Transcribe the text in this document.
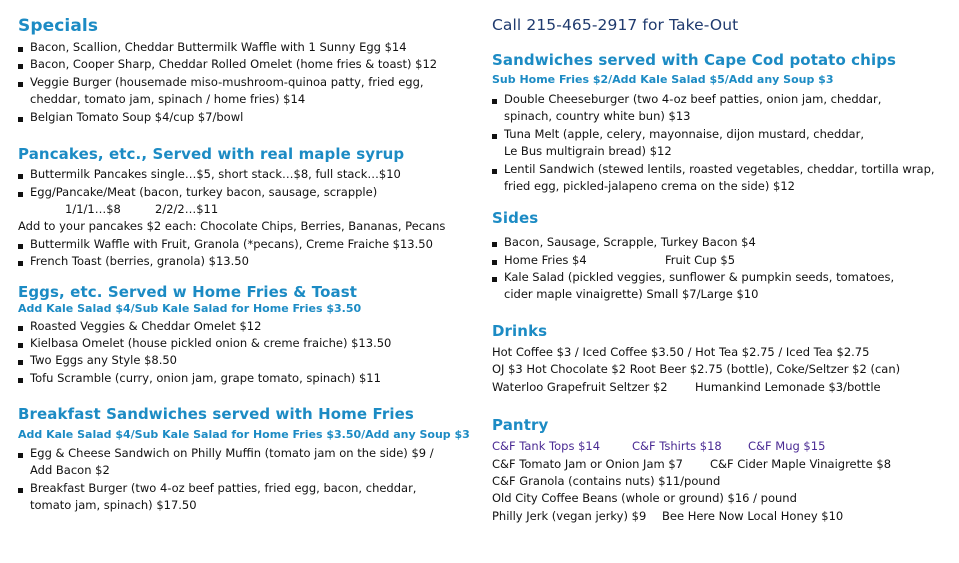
Specials
Bacon, Scallion, Cheddar Buttermilk Waffle with 1 Sunny Egg $14
Bacon, Cooper Sharp, Cheddar Rolled Omelet (home fries & toast) $12
Veggie Burger (housemade miso-mushroom-quinoa patty, fried egg,
cheddar, tomato jam, spinach / home fries) $14
Belgian Tomato Soup $4/cup $7/bowl
Pancakes, etc., Served with real maple syrup
Buttermilk Pancakes single…$5, short stack…$8, full stack…$10
Egg/Pancake/Meat (bacon, turkey bacon, sausage, scrapple)
1/1/1…$8	2/2/2…$11
Add to your pancakes $2 each: Chocolate Chips, Berries, Bananas, Pecans
Buttermilk Waffle with Fruit, Granola (*pecans), Creme Fraiche $13.50
French Toast (berries, granola) $13.50
Eggs, etc. Served w Home Fries & Toast
Add Kale Salad $4/Sub Kale Salad for Home Fries $3.50
Roasted Veggies & Cheddar Omelet $12
Kielbasa Omelet (house pickled onion & creme fraiche) $13.50
Two Eggs any Style $8.50
Tofu Scramble (curry, onion jam, grape tomato, spinach) $11
Breakfast Sandwiches served with Home Fries
Add Kale Salad $4/Sub Kale Salad for Home Fries $3.50/Add any Soup $3
Egg & Cheese Sandwich on Philly Muffin (tomato jam on the side) $9 /
Add Bacon $2
Breakfast Burger (two 4-oz beef patties, fried egg, bacon, cheddar,
tomato jam, spinach) $17.50
Call 215-465-2917 for Take-Out
Sandwiches served with Cape Cod potato chips
Sub Home Fries $2/Add Kale Salad $5/Add any Soup $3
Double Cheeseburger (two 4-oz beef patties, onion jam, cheddar,
spinach, country white bun) $13
Tuna Melt (apple, celery, mayonnaise, dijon mustard, cheddar,
Le Bus multigrain bread) $12
Lentil Sandwich (stewed lentils, roasted vegetables, cheddar, tortilla wrap,
fried egg, pickled-jalapeno crema on the side) $12
Sides
Bacon, Sausage, Scrapple, Turkey Bacon $4
Home Fries $4	Fruit Cup $5
Kale Salad (pickled veggies, sunflower & pumpkin seeds, tomatoes,
cider maple vinaigrette) Small $7/Large $10
Drinks
Hot Coffee $3 / Iced Coffee $3.50 / Hot Tea $2.75 / Iced Tea $2.75
OJ $3 Hot Chocolate $2 Root Beer $2.75 (bottle), Coke/Seltzer $2 (can)
Waterloo Grapefruit Seltzer $2 Humankind Lemonade $3/bottle
Pantry
C&F Tank Tops $14	C&F Tshirts $18 C&F Mug $15
C&F Tomato Jam or Onion Jam $7 C&F Cider Maple Vinaigrette $8
C&F Granola (contains nuts) $11/pound
Old City Coffee Beans (whole or ground) $16 / pound
Philly Jerk (vegan jerky) $9 Bee Here Now Local Honey $10
